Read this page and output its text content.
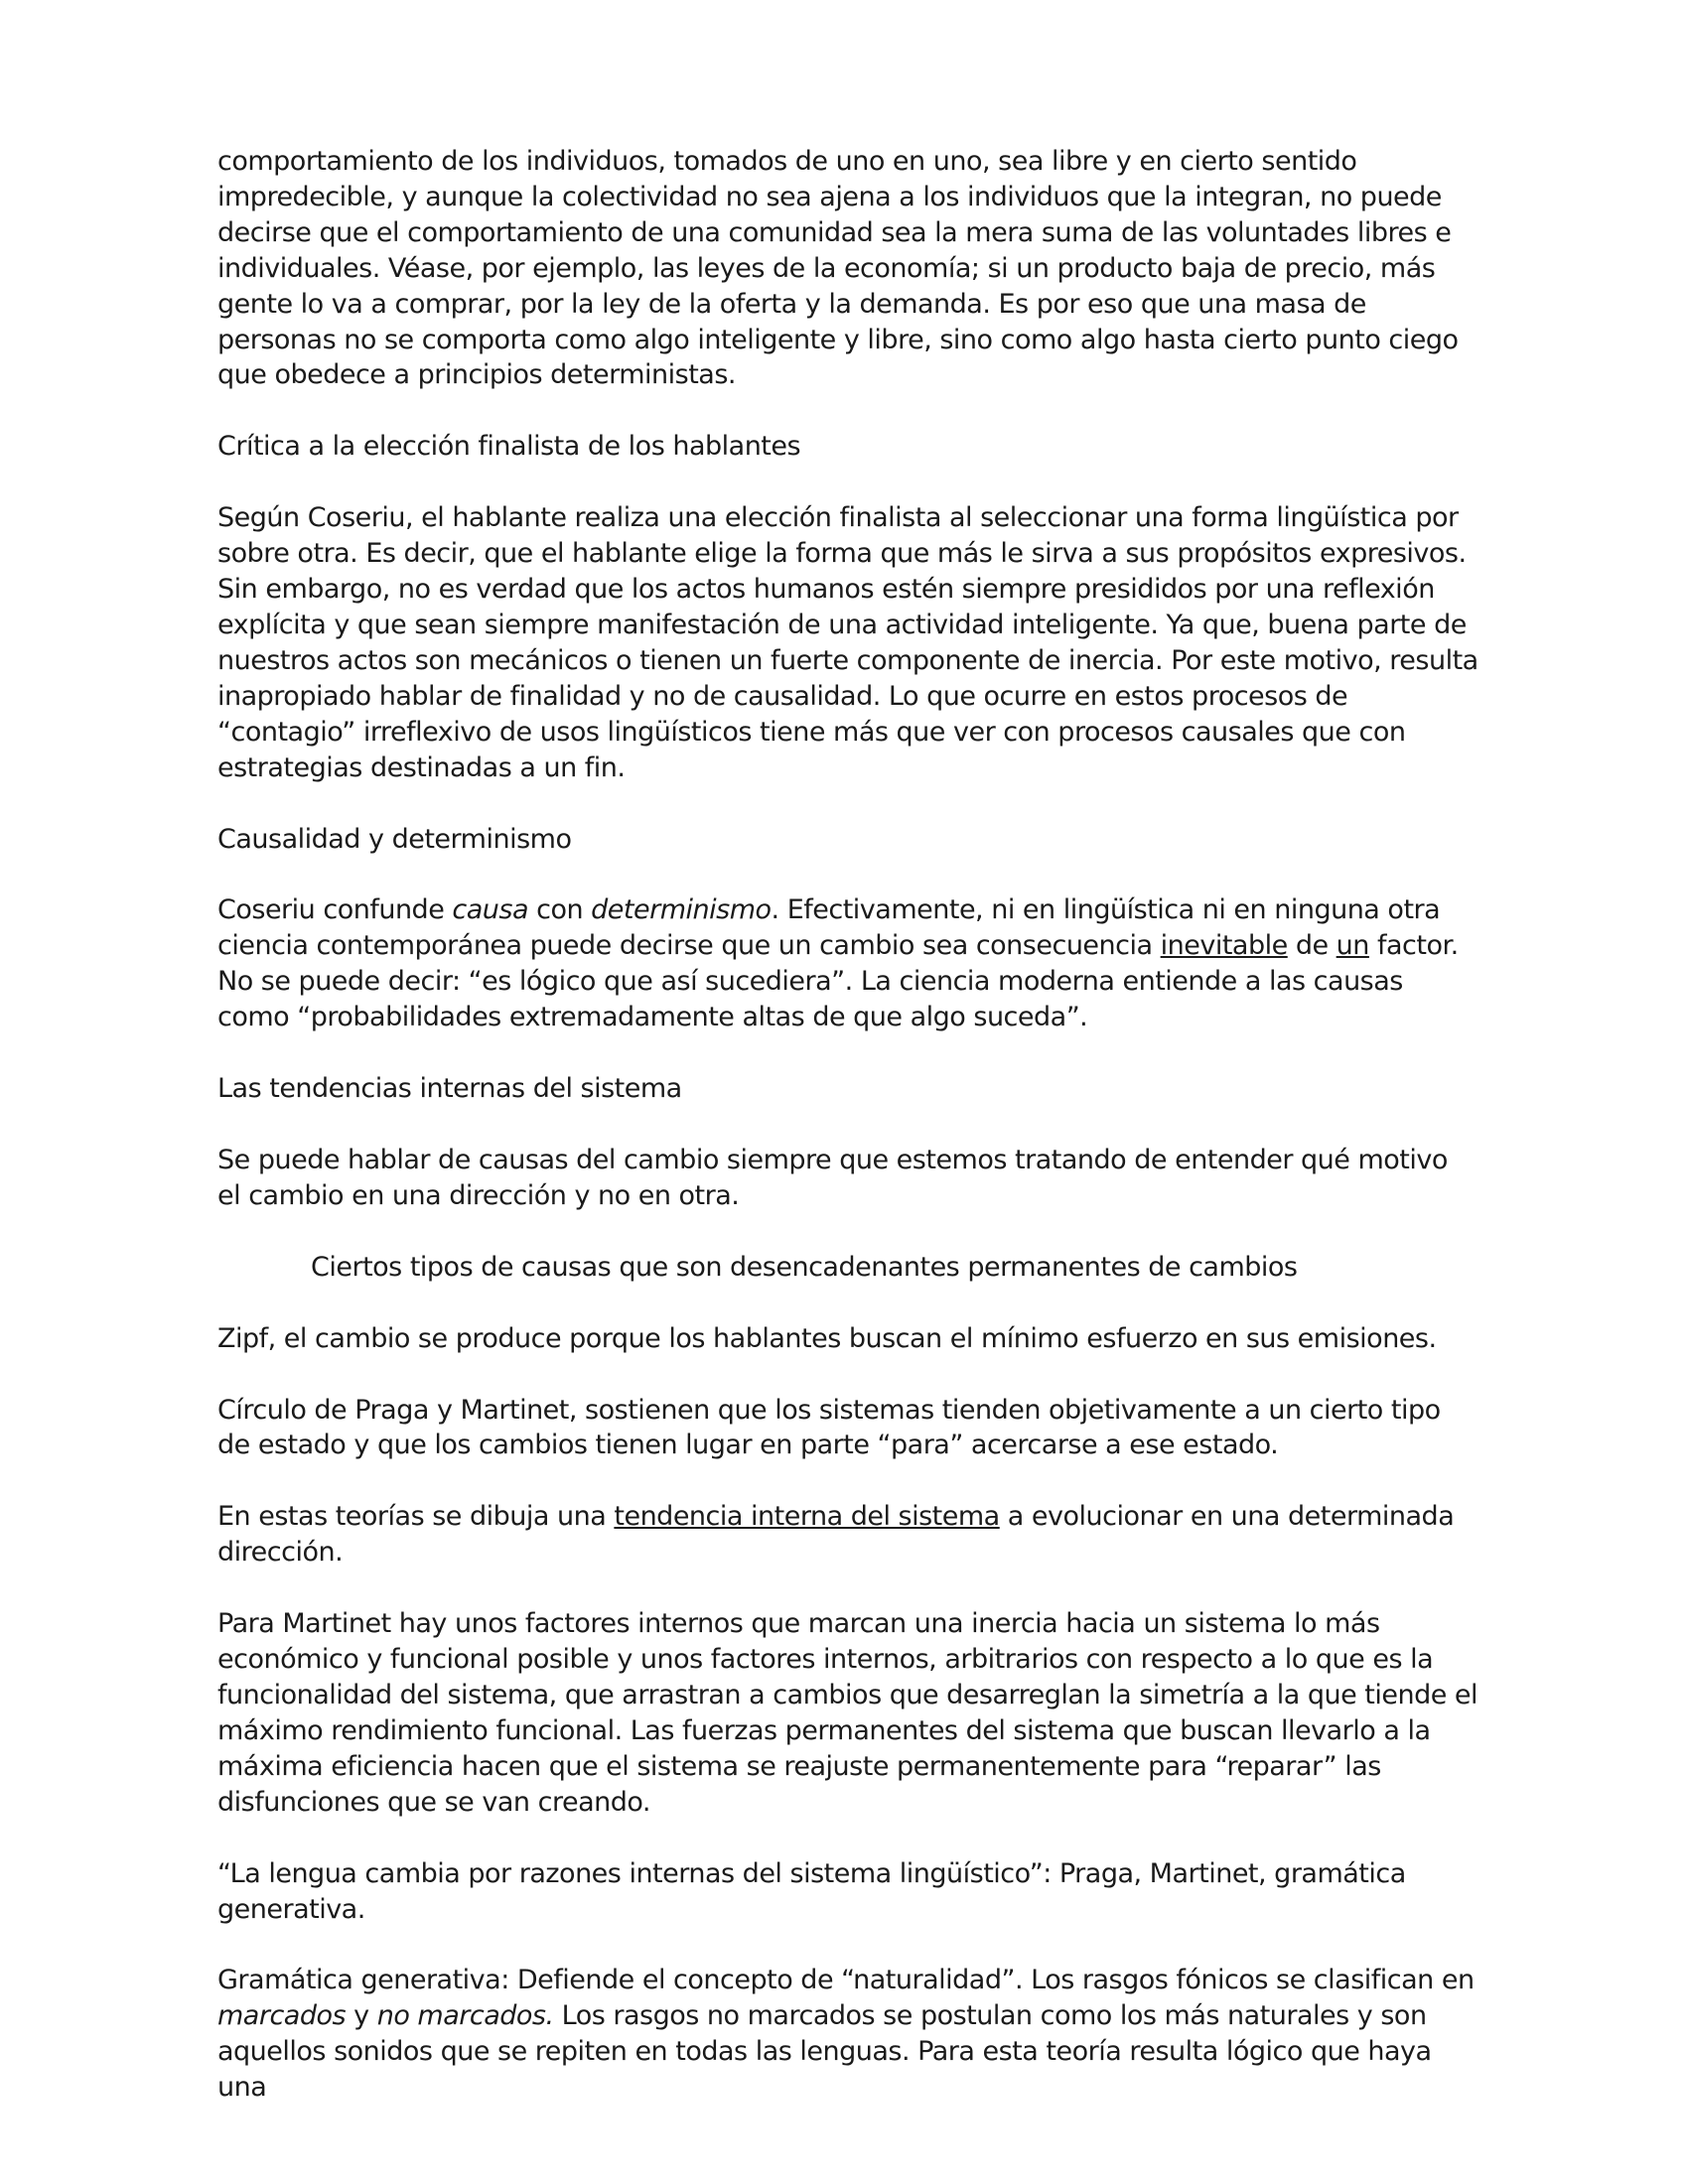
comportamiento de los individuos, tomados de uno en uno, sea libre y en cierto sentido impredecible, y aunque la colectividad no sea ajena a los individuos que la integran, no puede decirse que el comportamiento de una comunidad sea la mera suma de las voluntades libres e individuales. Véase, por ejemplo, las leyes de la economía; si un producto baja de precio, más gente lo va a comprar, por la ley de la oferta y la demanda. Es por eso que una masa de personas no se comporta como algo inteligente y libre, sino como algo hasta cierto punto ciego que obedece a principios deterministas.

Crítica a la elección finalista de los hablantes

Según Coseriu, el hablante realiza una elección finalista al seleccionar una forma lingüística por sobre otra. Es decir, que el hablante elige la forma que más le sirva a sus propósitos expresivos. Sin embargo, no es verdad que los actos humanos estén siempre presididos por una reflexión explícita y que sean siempre manifestación de una actividad inteligente. Ya que, buena parte de nuestros actos son mecánicos o tienen un fuerte componente de inercia. Por este motivo, resulta inapropiado hablar de finalidad y no de causalidad. Lo que ocurre en estos procesos de “contagio” irreflexivo de usos lingüísticos tiene más que ver con procesos causales que con estrategias destinadas a un fin.

Causalidad y determinismo

Coseriu confunde causa con determinismo. Efectivamente, ni en lingüística ni en ninguna otra ciencia contemporánea puede decirse que un cambio sea consecuencia inevitable de un factor. No se puede decir: “es lógico que así sucediera”. La ciencia moderna entiende a las causas como “probabilidades extremadamente altas de que algo suceda”.

Las tendencias internas del sistema

Se puede hablar de causas del cambio siempre que estemos tratando de entender qué motivo el cambio en una dirección y no en otra.

Ciertos tipos de causas que son desencadenantes permanentes de cambios

Zipf, el cambio se produce porque los hablantes buscan el mínimo esfuerzo en sus emisiones.

Círculo de Praga y Martinet, sostienen que los sistemas tienden objetivamente a un cierto tipo de estado y que los cambios tienen lugar en parte “para” acercarse a ese estado.

En estas teorías se dibuja una tendencia interna del sistema a evolucionar en una determinada dirección.

Para Martinet hay unos factores internos que marcan una inercia hacia un sistema lo más económico y funcional posible y unos factores internos, arbitrarios con respecto a lo que es la funcionalidad del sistema, que arrastran a cambios que desarreglan la simetría a la que tiende el máximo rendimiento funcional. Las fuerzas permanentes del sistema que buscan llevarlo a la máxima eficiencia hacen que el sistema se reajuste permanentemente para “reparar” las disfunciones que se van creando.

“La lengua cambia por razones internas del sistema lingüístico”: Praga, Martinet, gramática generativa.

Gramática generativa: Defiende el concepto de “naturalidad”. Los rasgos fónicos se clasifican en marcados y no marcados. Los rasgos no marcados se postulan como los más naturales y son aquellos sonidos que se repiten en todas las lenguas. Para esta teoría resulta lógico que haya una
